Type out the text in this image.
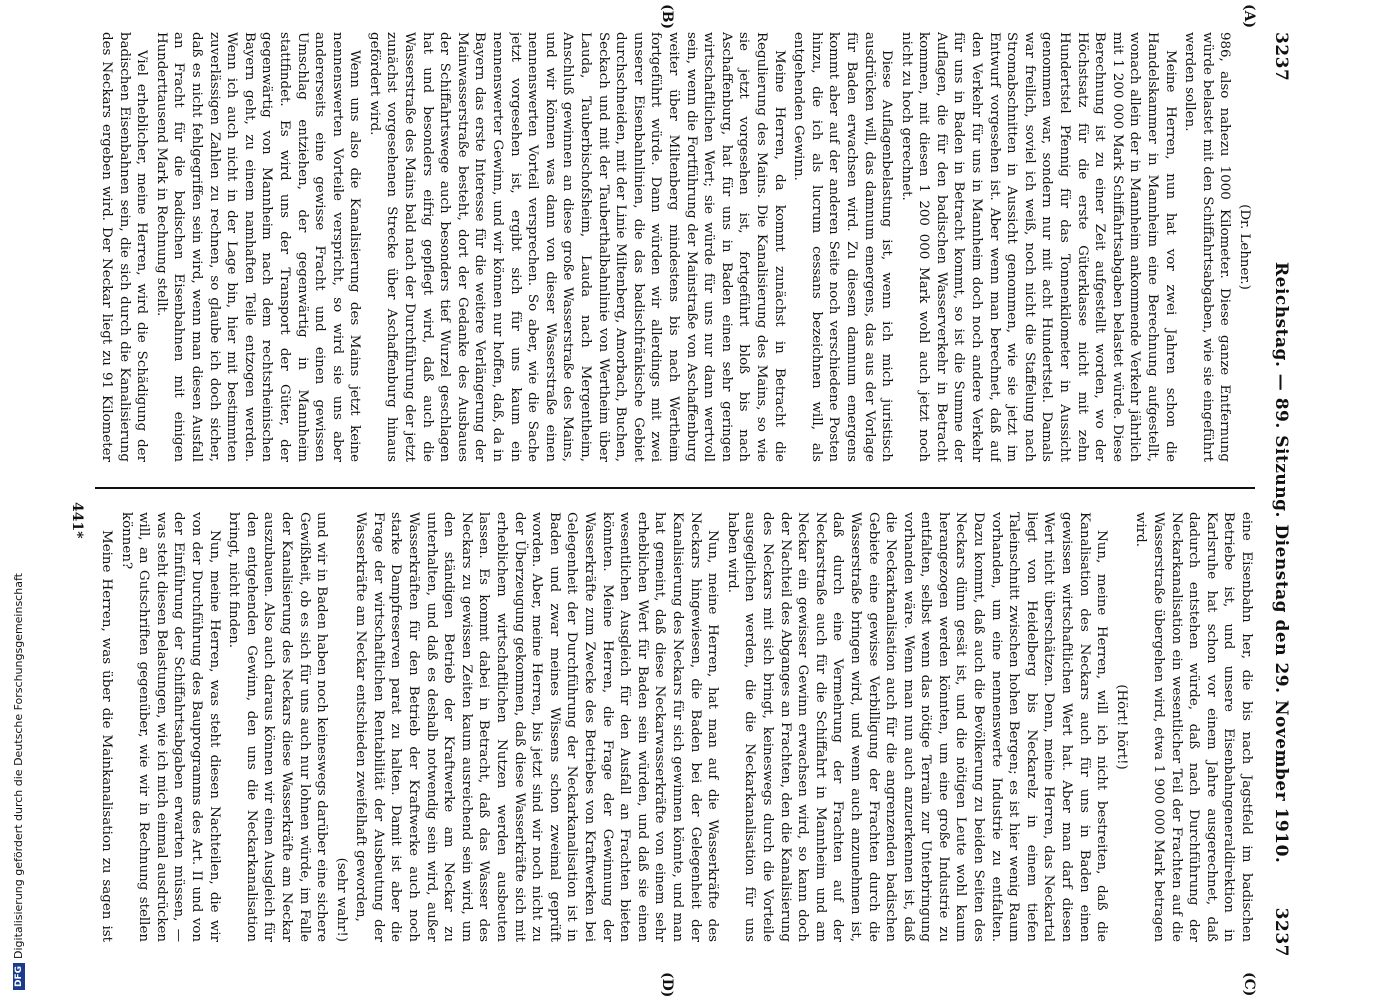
3237
Reichstag. — 89. Sitzung. Dienstag den 29. November 1910.
3237
(A)
(B)
(C)
(D)

(Dr. Lehner.)

986, also nahezu 1000 Kilometer. Diese ganze Entfernung würde belastet mit den Schiffahrtsabgaben, wie sie eingeführt werden sollen.

Meine Herren, nun hat vor zwei Jahren schon die Handelskammer in Mannheim eine Berechnung aufgestellt, wonach allein der in Mannheim ankommende Verkehr jährlich mit 1 200 000 Mark Schiffahrtsabgaben belastet würde. Diese Berechnung ist zu einer Zeit aufgestellt worden, wo der Höchstsatz für die erste Güterklasse nicht mit zehn Hundertstel Pfennig für das Tonnenkilometer in Aussicht genommen war, sondern nur mit acht Hundertstel. Damals war freilich, soviel ich weiß, noch nicht die Staffelung nach Stromabschnitten in Aussicht genommen, wie sie jetzt im Entwurf vorgesehen ist. Aber wenn man berechnet, daß auf den Verkehr für uns in Mannheim doch noch andere Verkehr für uns in Baden in Betracht kommt, so ist die Summe der Auflagen, die für den badischen Wasserverkehr in Betracht kommen, mit diesen 1 200 000 Mark wohl auch jetzt noch nicht zu hoch gerechnet.

Diese Auflagenbelastung ist, wenn ich mich juristisch ausdrücken will, das damnum emergens, das aus der Vorlage für Baden erwachsen wird. Zu diesem damnum emergens kommt aber auf der anderen Seite noch verschiedene Posten hinzu, die ich als lucrum cessans bezeichnen will, als entgehenden Gewinn.

Meine Herren, da kommt zunächst in Betracht die Regulierung des Mains. Die Kanalisierung des Mains, so wie sie jetzt vorgesehen ist, fortgeführt bloß bis nach Aschaffenburg, hat für uns in Baden einen sehr geringen wirtschaftlichen Wert; sie würde für uns nur dann wertvoll sein, wenn die Fortführung der Mainstraße von Aschaffenburg weiter über Miltenberg mindestens bis nach Wertheim fortgeführt würde. Dann würden wir allerdings mit zwei unserer Eisenbahnlinien, die das badischfränkische Gebiet durchschneiden, mit der Linie Miltenberg, Amorbach, Buchen, Seckach und mit der Tauberthalbahnlinie von Wertheim über Lauda, Tauberbischofsheim, Lauda nach Mergentheim, Anschluß gewinnen an diese große Wasserstraße des Mains, und wir können was dann von dieser Wasserstraße einen nennenswerten Vorteil versprechen. So aber, wie die Sache jetzt vorgesehen ist, ergibt sich für uns kaum ein nennenswerter Gewinn, und wir können nur hoffen, daß, da in Bayern das erste Interesse für die weitere Verlängerung der Mainwasserstraße besteht, dort der Gedanke des Ausbaues der Schiffahrtswege auch besonders tief Wurzel geschlagen hat und besonders eifrig gepflegt wird, daß auch die Wasserstraße des Mains bald nach der Durchführung der jetzt zunächst vorgesehenen Strecke über Aschaffenburg hinaus gefördert wird.

Wenn uns also die Kanalisierung des Mains jetzt keine nennenswerten Vorteile verspricht, so wird sie uns aber andererseits eine gewisse Fracht und einen gewissen Umschlag entziehen, der gegenwärtig in Mannheim stattfindet. Es wird uns der Transport der Güter, der gegenwärtig von Mannheim nach dem rechtsrheinischen Bayern geht, zu einem namhaften Teile entzogen werden. Wenn ich auch nicht in der Lage bin, hier mit bestimmten zuverlässigen Zahlen zu rechnen, so glaube ich doch sicher, daß es nicht fehlgegriffen sein wird, wenn man diesen Ausfall an Fracht für die badischen Eisenbahnen mit einigen Hunderttausend Mark in Rechnung stellt.

Viel erheblicher, meine Herren, wird die Schädigung der badischen Eisenbahnen sein, die sich durch die Kanalisierung des Neckars ergeben wird. Der Neckar liegt zu 91 Kilometer

eine Eisenbahn her, die bis nach Jagstfeld im badischen Betriebe ist, und unsere Eisenbahngeneraldirektion in Karlsruhe hat schon vor einem Jahre ausgerechnet, daß dadurch entstehen würde, daß nach Durchführung der Neckarkanalisation ein wesentlicher Teil der Frachten auf die Wasserstraße übergehen wird, etwa 1 900 000 Mark betragen wird.

(Hört! hört!)

Nun, meine Herren, will ich nicht bestreiten, daß die Kanalisation des Neckars auch für uns in Baden einen gewissen wirtschaftlichen Wert hat. Aber man darf diesen Wert nicht überschätzen. Denn, meine Herren, das Neckartal liegt von Heidelberg bis Neckarelz in einem tiefen Taleinschnitt zwischen hohen Bergen; es ist hier wenig Raum vorhanden, um eine nennenswerte Industrie zu entfalten. Dazu kommt, daß auch die Bevölkerung zu beiden Seiten des Neckars dünn gesät ist, und die nötigen Leute wohl kaum herangezogen werden könnten, um eine große Industrie zu entfalten, selbst wenn das nötige Terrain zur Unterbringung vorhanden wäre. Wenn man nun auch anzuerkennen ist, daß die Neckarkanalisation auch für die angrenzenden badischen Gebiete eine gewisse Verbilligung der Frachten durch die Wasserstraße bringen wird, und wenn auch anzunehmen ist, daß durch eine Vermehrung der Frachten auf der Neckarstraße auch für die Schiffahrt in Mannheim und am Neckar ein gewisser Gewinn erwachsen wird, so kann doch der Nachteil des Abganges an Frachten, den die Kanalisierung des Neckars mit sich bringt, keineswegs durch die Vorteile ausgeglichen werden, die die Neckarkanalisation für uns haben wird.

Nun, meine Herren, hat man auf die Wasserkräfte des Neckars hingewiesen, die Baden bei der Gelegenheit der Kanalisierung des Neckars für sich gewinnen könnte, und man hat gemeint, daß diese Neckarwasserkräfte von einem sehr erheblichen Wert für Baden sein würden, und daß sie einen wesentlichen Ausgleich für den Ausfall an Frachten bieten könnten. Meine Herren, die Frage der Gewinnung der Wasserkräfte zum Zwecke des Betriebes von Kraftwerken bei Gelegenheit der Durchführung der Neckarkanalisation ist in Baden und zwar meines Wissens schon zweimal geprüft worden. Aber, meine Herren, bis jetzt sind wir noch nicht zu der Überzeugung gekommen, daß diese Wasserkräfte sich mit erheblichem wirtschaftlichen Nutzen werden ausbeuten lassen. Es kommt dabei in Betracht, daß das Wasser des Neckars zu gewissen Zeiten kaum ausreichend sein wird, um den ständigen Betrieb der Kraftwerke am Neckar zu unterhalten, und daß es deshalb notwendig sein wird, außer Wasserkräften für den Betrieb der Kraftwerke auch noch starke Dampfreserven parat zu halten. Damit ist aber die Frage der wirtschaftlichen Rentabilität der Ausbeutung der Wasserkräfte am Neckar entschieden zweifelhaft geworden,

(sehr wahr!)

und wir in Baden haben noch keineswegs darüber eine sichere Gewißheit, ob es sich für uns auch nur lohnen würde, im Falle der Kanalisierung des Neckars diese Wasserkräfte am Neckar auszubauen. Also auch daraus können wir einen Ausgleich für den entgehenden Gewinn, den uns die Neckarkanalisation bringt, nicht finden.

Nun, meine Herren, was steht diesen Nachteilen, die wir von der Durchführung des Bauprogramms des Art. II und von der Einführung der Schiffahrtsabgaben erwarten müssen, — was steht diesen Belastungen, wie ich mich einmal ausdrücken will, an Gutschriften gegenüber, wie wir in Rechnung stellen können?

Meine Herren, was über die Mainkanalisation zu sagen ist

441*
DFGDigitalisierung gefördert durch die Deutsche Forschungsgemeinschaft
